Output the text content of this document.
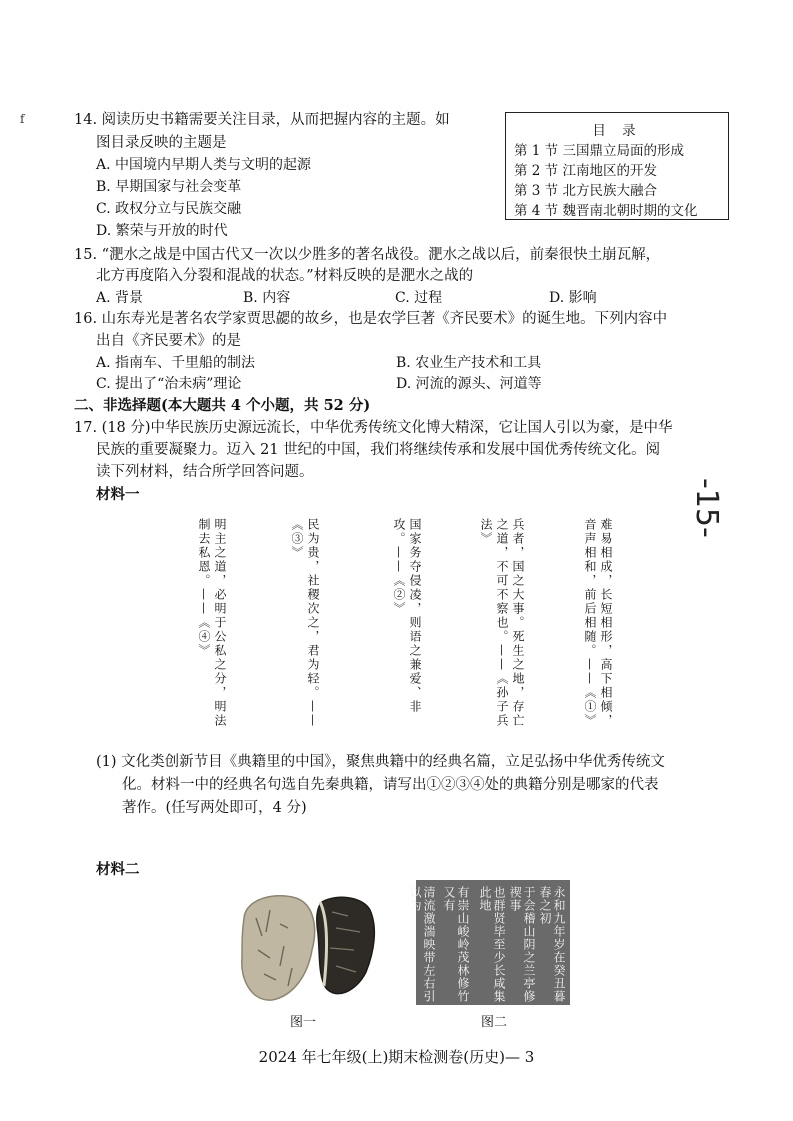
f	14. 阅读历史书籍需要关注目录，从而把握内容的主题。如
图目录反映的主题是
A. 中国境内早期人类与文明的起源
B. 早期国家与社会变革
C. 政权分立与民族交融
D. 繁荣与开放的时代
目 录
第 1 节 三国鼎立局面的形成
第 2 节 江南地区的开发
第 3 节 北方民族大融合
第 4 节 魏晋南北朝时期的文化
15. “淝水之战是中国古代又一次以少胜多的著名战役。淝水之战以后，前秦很快土崩瓦解，
北方再度陷入分裂和混战的状态。”材料反映的是淝水之战的
A. 背景	B. 内容	C. 过程	D. 影响
16. 山东寿光是著名农学家贾思勰的故乡，也是农学巨著《齐民要术》的诞生地。下列内容中
出自《齐民要术》的是
A. 指南车、千里船的制法	B. 农业生产技术和工具
C. 提出了“治未病”理论	D. 河流的源头、河道等
二、非选择题(本大题共 4 个小题，共 52 分)
17. (18 分)中华民族历史源远流长，中华优秀传统文化博大精深，它让国人引以为豪，是中华
民族的重要凝聚力。迈入 21 世纪的中国，我们将继续传承和发展中国优秀传统文化。阅
读下列材料，结合所学回答问题。
材料一	-15-
难易相成，长短相形，高下相倾，音声相和，前后相随。——《①》
兵者，国之大事。死生之地，存亡之道，不可不察也。——《孙子兵法》
国家务夺侵凌，则语之兼爱、非攻。——《②》
民为贵，社稷次之，君为轻。——《③》
明主之道，必明于公私之分，明法制去私恩。——《④》
(1) 文化类创新节目《典籍里的中国》，聚焦典籍中的经典名篇，立足弘扬中华优秀传统文
化。材料一中的经典名句选自先秦典籍，请写出①②③④处的典籍分别是哪家的代表
著作。(任写两处即可，4 分)
材料二
永和九年岁在癸丑暮春之初
于会稽山阴之兰亭修禊事
也群贤毕至少长咸集此地
有崇山峻岭茂林修竹又有
清流激湍映带左右引以为
图一	图二
2024 年七年级(上)期末检测卷(历史)— 3
